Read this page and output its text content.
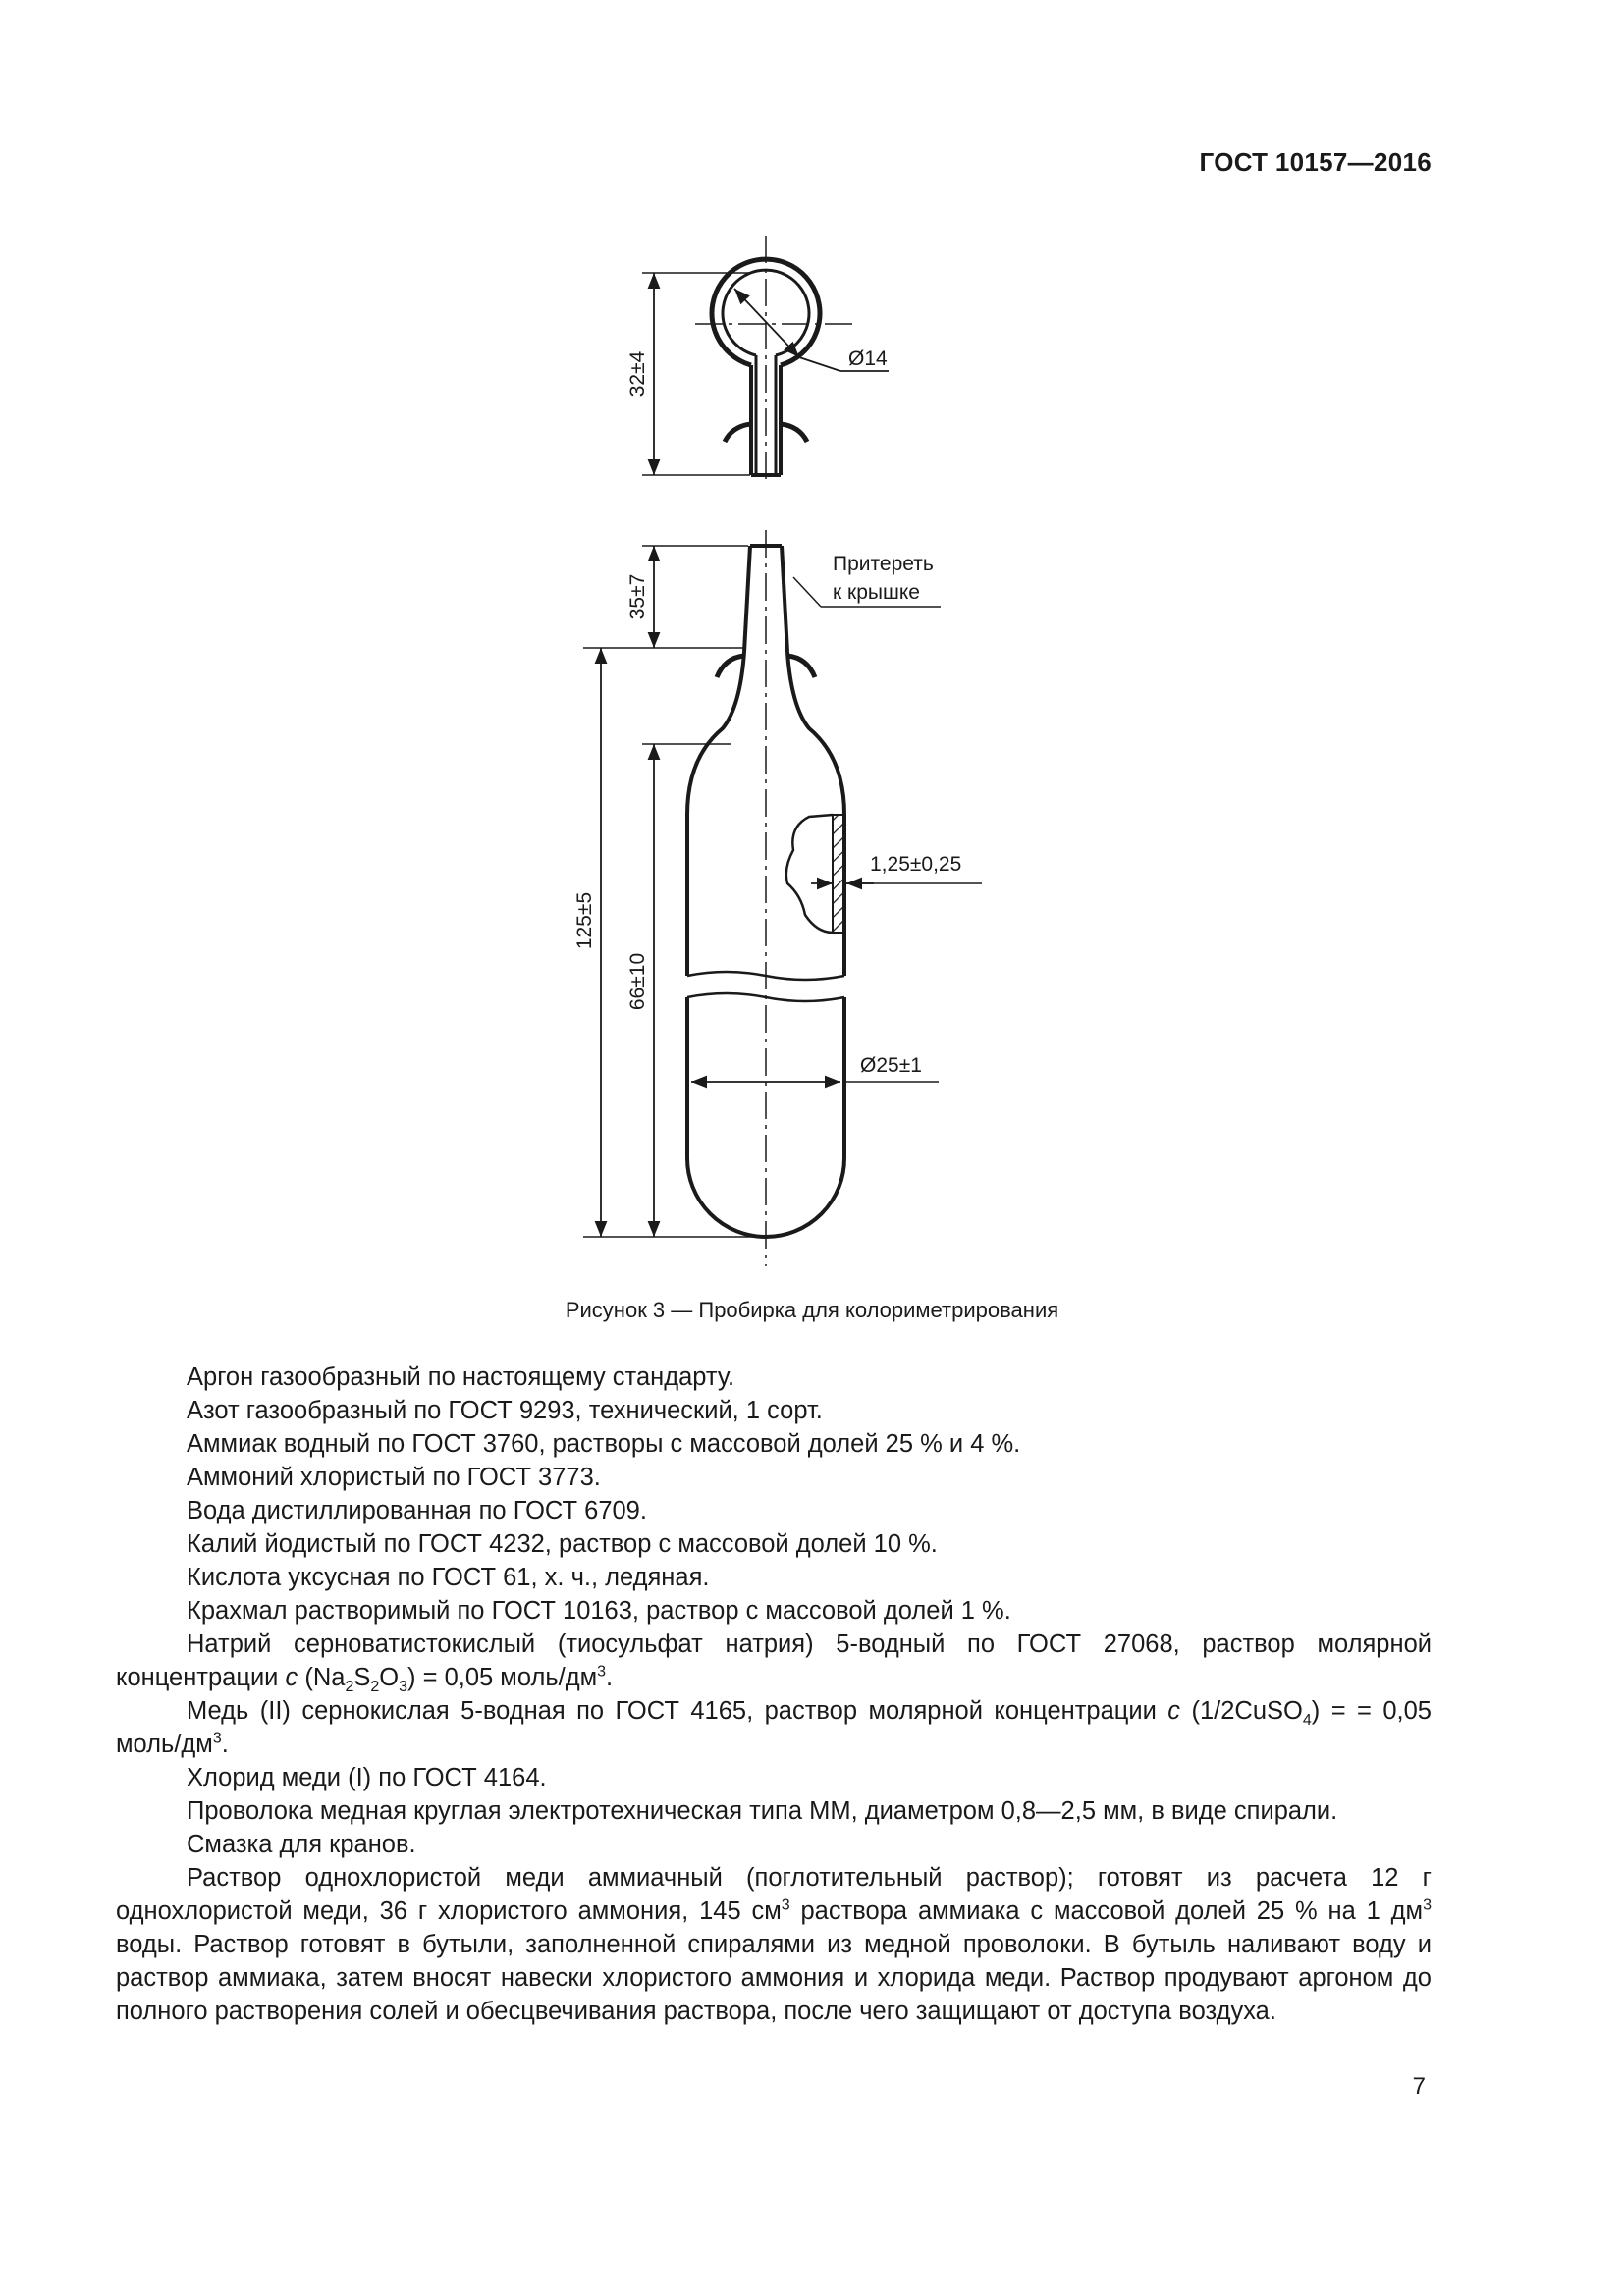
ГОСТ 10157—2016
32±4	Ø14
35±7
Притереть
к крышке
125±5
1,25±0,25
66±10
Ø25±1
Рисунок 3 — Пробирка для колориметрирования

Аргон газообразный по настоящему стандарту.

Азот газообразный по ГОСТ 9293, технический, 1 сорт.

Аммиак водный по ГОСТ 3760, растворы с массовой долей 25 % и 4 %.

Аммоний хлористый по ГОСТ 3773.

Вода дистиллированная по ГОСТ 6709.

Калий йодистый по ГОСТ 4232, раствор с массовой долей 10 %.

Кислота уксусная по ГОСТ 61, х. ч., ледяная.

Крахмал растворимый по ГОСТ 10163, раствор с массовой долей 1 %.

Натрий серноватистокислый (тиосульфат натрия) 5-водный по ГОСТ 27068, раствор молярной концентрации c $(Na_2S_2O_3) = 0,05$ моль/$дм^3$.

Медь (II) сернокислая 5-водная по ГОСТ 4165, раствор молярной концентрации c (1/2CuSO$_4$) = = 0,05 моль/$дм^3$.

Хлорид меди (I) по ГОСТ 4164.

Проволока медная круглая электротехническая типа ММ, диаметром 0,8—2,5 мм, в виде спирали.

Смазка для кранов.

Раствор однохлористой меди аммиачный (поглотительный раствор); готовят из расчета 12 г однохлористой меди, 36 г хлористого аммония, 145 $см^3$ раствора аммиака с массовой долей 25 % на 1 $дм^3$ воды. Раствор готовят в бутыли, заполненной спиралями из медной проволоки. В бутыль наливают воду и раствор аммиака, затем вносят навески хлористого аммония и хлорида меди. Раствор продувают аргоном до полного растворения солей и обесцвечивания раствора, после чего защищают от доступа воздуха.

7
